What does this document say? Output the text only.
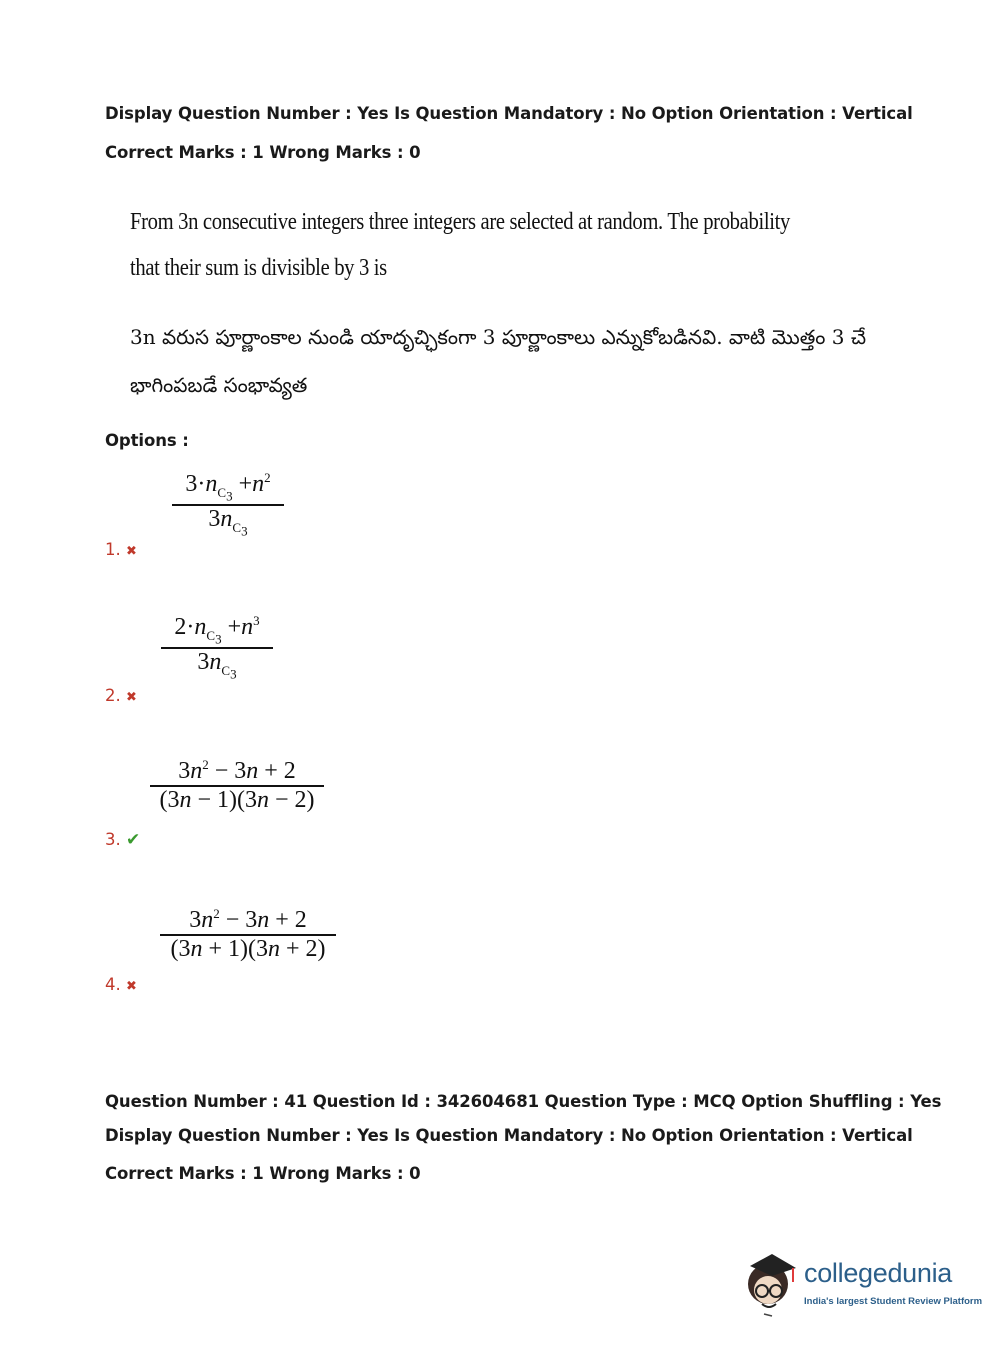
Display Question Number : Yes Is Question Mandatory : No Option Orientation : Vertical

Correct Marks : 1 Wrong Marks : 0

From 3n consecutive integers three integers are selected at random. The probability

that their sum is divisible by 3 is

3n వరుస పూర్ణాంకాల నుండి యాదృచ్ఛికంగా 3 పూర్ణాంకాలు ఎన్నుకోబడినవి. వాటి మొత్తం 3 చే

భాగింపబడే సంభావ్యత

Options :

$3\cdot n_{C_3} +n^2$
$3n_{C_3}$
1. ✖
$2\cdot n_{C_3} +n^3$
$3n_{C_3}$
2. ✖
$3n^2 - 3n + 2$
(3n − 1)(3n − 2)
3. ✔
$3n^2 - 3n + 2$
(3n + 1)(3n + 2)
4. ✖

Question Number : 41 Question Id : 342604681 Question Type : MCQ Option Shuffling : Yes

Display Question Number : Yes Is Question Mandatory : No Option Orientation : Vertical

Correct Marks : 1 Wrong Marks : 0

collegedunia
India's largest Student Review Platform
